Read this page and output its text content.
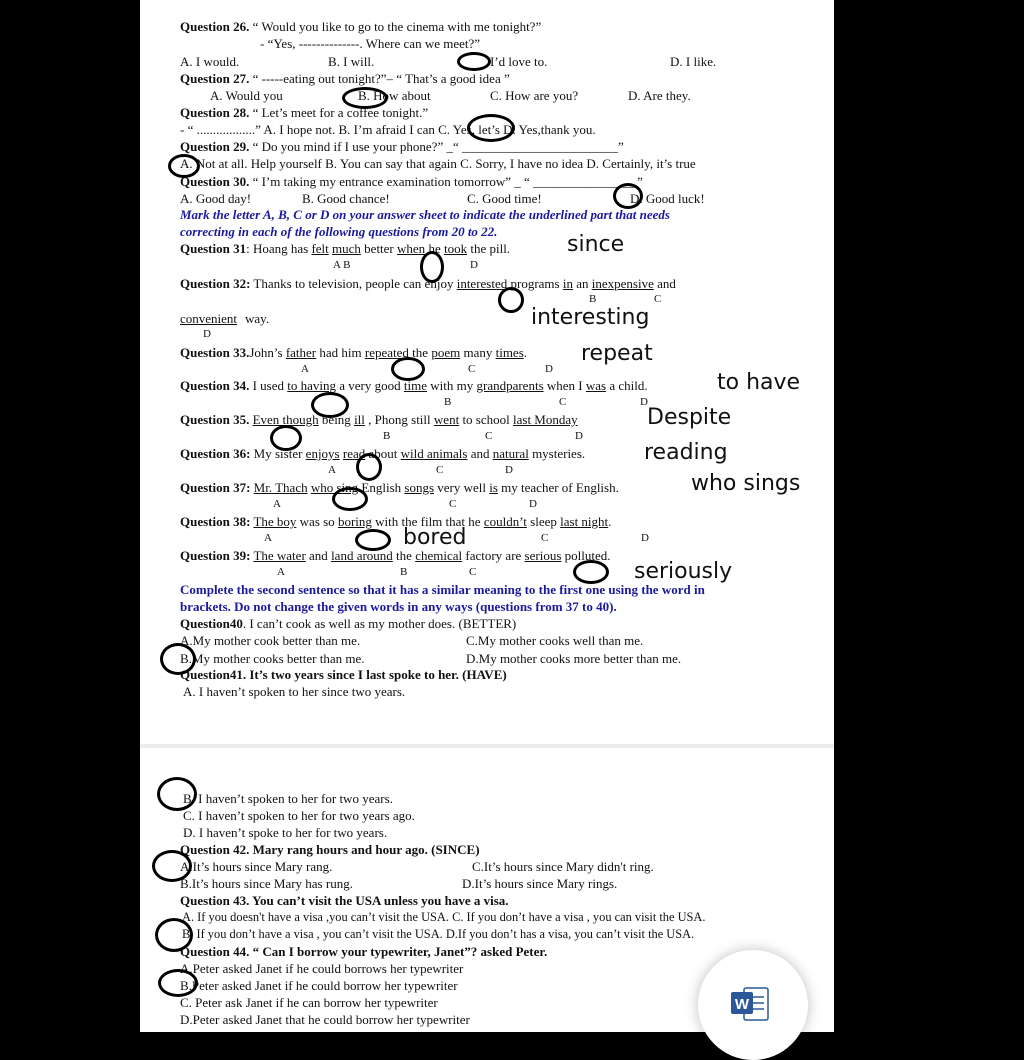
Question 26. “ Would you like to go to the cinema with me tonight?”
- “Yes, --------------. Where can we meet?”
A. I would.	B. I will.	I’d love to.	D. I like.
Question 27. “ -----eating out tonight?”– “ That’s a good idea ”
A. Would you	B. How about	C. How are you?	D. Are they.
Question 28. “ Let’s meet for a coffee tonight.”
- “ ..................” A. I hope not. B. I’m afraid I can C. Yes, let’s D. Yes,thank you.
Question 29. “ Do you mind if I use your phone?” _“ ________________________”
A. Not at all. Help yourself B. You can say that again C. Sorry, I have no idea D. Certainly, it’s true
Question 30. “ I’m taking my entrance examination tomorrow” _ “ ________________”
A. Good day!	B. Good chance!	C. Good time!	D. Good luck!
Mark the letter A, B, C or D on your answer sheet to indicate the underlined part that needs
correcting in each of the following questions from 20 to 22.
Question 31: Hoang has felt much better when he took the pill.
A B	D
since
Question 32: Thanks to television, people can enjoy interested programs in an inexpensive and
B	C
convenient way.
D
interesting
Question 33.John’s father had him repeated the poem many times.
A	C	D
repeat
Question 34. I used to having a very good time with my grandparents when I was a child.
B	C	D
to have
Question 35. Even though being ill , Phong still went to school last Monday
B	C	D
Despite
Question 36: My sister enjoys read about wild animals and natural mysteries.
A	C	D
reading
Question 37: Mr. Thach who sing English songs very well is my teacher of English.
A	C	D
who sings
Question 38: The boy was so boring with the film that he couldn’t sleep last night.
A	C	D
bored
Question 39: The water and land around the chemical factory are serious polluted.
A	B	C	seriously
Complete the second sentence so that it has a similar meaning to the first one using the word in
brackets. Do not change the given words in any ways (questions from 37 to 40).
Question40. I can’t cook as well as my mother does. (BETTER)
A.My mother cook better than me.	C.My mother cooks well than me.
B.My mother cooks better than me.	D.My mother cooks more better than me.
Question41. It’s two years since I last spoke to her. (HAVE)
A. I haven’t spoken to her since two years.
B. I haven’t spoken to her for two years.
C. I haven’t spoken to her for two years ago.
D. I haven’t spoke to her for two years.
Question 42. Mary rang hours and hour ago. (SINCE)
A.It’s hours since Mary rang.	C.It’s hours since Mary didn't ring.
B.It’s hours since Mary has rung.	D.It’s hours since Mary rings.
Question 43. You can’t visit the USA unless you have a visa.
A. If you doesn't have a visa ,you can’t visit the USA. C. If you don’t have a visa , you can visit the USA.
B. If you don’t have a visa , you can’t visit the USA. D.If you don’t has a visa, you can’t visit the USA.
Question 44. “ Can I borrow your typewriter, Janet”? asked Peter.
A.Peter asked Janet if he could borrows her typewriter
B.Peter asked Janet if he could borrow her typewriter
C. Peter ask Janet if he can borrow her typewriter
D.Peter asked Janet that he could borrow her typewriter
W
